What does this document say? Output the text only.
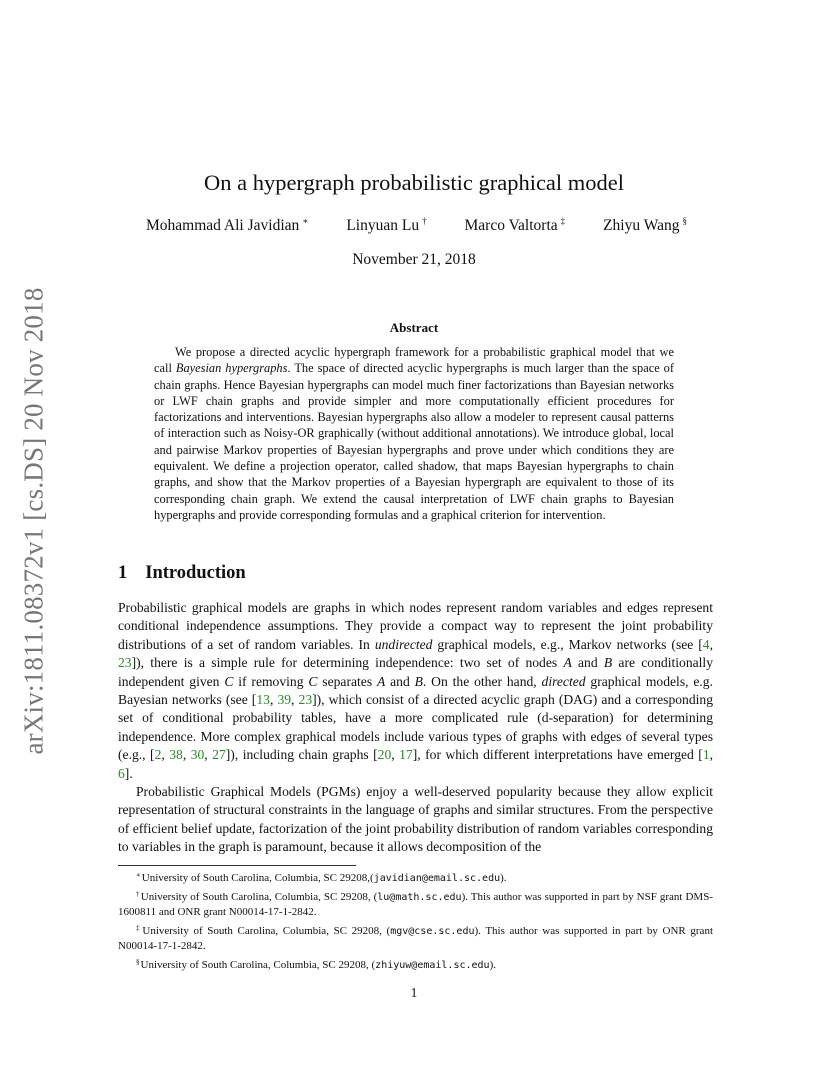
arXiv:1811.08372v1 [cs.DS] 20 Nov 2018
On a hypergraph probabilistic graphical model
Mohammad Ali Javidian ∗ Linyuan Lu † Marco Valtorta ‡ Zhiyu Wang §
November 21, 2018
Abstract

We propose a directed acyclic hypergraph framework for a probabilistic graphical model that we call Bayesian hypergraphs. The space of directed acyclic hypergraphs is much larger than the space of chain graphs. Hence Bayesian hypergraphs can model much finer factorizations than Bayesian networks or LWF chain graphs and provide simpler and more computationally efficient procedures for factorizations and interventions. Bayesian hypergraphs also allow a modeler to represent causal patterns of interaction such as Noisy-OR graphically (without additional annotations). We introduce global, local and pairwise Markov properties of Bayesian hypergraphs and prove under which conditions they are equivalent. We define a projection operator, called shadow, that maps Bayesian hypergraphs to chain graphs, and show that the Markov properties of a Bayesian hypergraph are equivalent to those of its corresponding chain graph. We extend the causal interpretation of LWF chain graphs to Bayesian hypergraphs and provide corresponding formulas and a graphical criterion for intervention.

1 Introduction

Probabilistic graphical models are graphs in which nodes represent random variables and edges represent conditional independence assumptions. They provide a compact way to represent the joint probability distributions of a set of random variables. In undirected graphical models, e.g., Markov networks (see [4, 23]), there is a simple rule for determining independence: two set of nodes A and B are conditionally independent given C if removing C separates A and B. On the other hand, directed graphical models, e.g. Bayesian networks (see [13, 39, 23]), which consist of a directed acyclic graph (DAG) and a corresponding set of conditional probability tables, have a more complicated rule (d-separation) for determining independence. More complex graphical models include various types of graphs with edges of several types (e.g., [2, 38, 30, 27]), including chain graphs [20, 17], for which different interpretations have emerged [1, 6].

Probabilistic Graphical Models (PGMs) enjoy a well-deserved popularity because they allow explicit representation of structural constraints in the language of graphs and similar structures. From the perspective of efficient belief update, factorization of the joint probability distribution of random variables corresponding to variables in the graph is paramount, because it allows decomposition of the

∗University of South Carolina, Columbia, SC 29208,(javidian@email.sc.edu).

†University of South Carolina, Columbia, SC 29208, (lu@math.sc.edu). This author was supported in part by NSF grant DMS-1600811 and ONR grant N00014-17-1-2842.

‡University of South Carolina, Columbia, SC 29208, (mgv@cse.sc.edu). This author was supported in part by ONR grant N00014-17-1-2842.

§University of South Carolina, Columbia, SC 29208, (zhiyuw@email.sc.edu).

1
